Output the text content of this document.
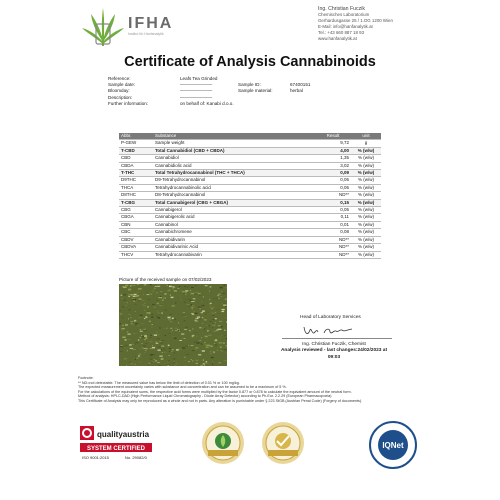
IFHA
Institut für Hanfanalytik
Ing. Christian Fuczik
Chemisches Laboratorium
Gerhardusgasse 25 / 1.OG 1200 Wien
E-Mail: info@hanfanalytik.at
Tel.: +43 660 887 18 93
www.hanfanalytik.at
Certificate of Analysis Cannabinoids
Reference:	Leafs Tea Grinded
Sample date:	———————
Bloomday:	———————
Description:	———————
Further information:	on behalf of: Kanabi d.o.o.
Sample ID:	67400151
Sample material:	herbal
Abbr.	Substance	Result	unit
P-GEW	Sample weight	9,72	g
T-CBD	Total Cannabidiol (CBD + CBDA)	4,00	% (w/w)
CBD	Cannabidiol	1,35	% (w/w)
CBDA	Cannabidiolic acid	3,02	% (w/w)
T-THC	Total Tetrahydrocannabinol (THC + THCA)	0,09	% (w/w)
D9THC	D9-Tetrahydrocannabinol	0,05	% (w/w)
THCA	Tetrahydrocannabinolic acid	0,05	% (w/w)
D8THC	D8-Tetrahydrocannabinol	ND**	% (w/w)
T-CBG	Total Cannabigerol (CBG + CBGA)	0,15	% (w/w)
CBG	Cannabigerol	0,05	% (w/w)
CBGA	Cannabigerolic acid	0,11	% (w/w)
CBN	Cannabinol	0,01	% (w/w)
CBC	Cannabichromene	0,08	% (w/w)
CBDV	Cannabidivarin	ND**	% (w/w)
CBDVA	Cannabidivarinic Acid	ND**	% (w/w)
THCV	Tetrahydrocannabivarin	ND**	% (w/w)
Picture of the received sample on 07/02/2023
Head of Laboratory Services
Ing. Christian Fuczik, Chemist
Analysis reviewed - last changes:24/02/2023 at
09:03
Footnote:
** ND=not detectable. The measured value has below the limit of detection of 0.01 % or 100 mg/kg.
The expected measurement uncertainty varies with substance and concentration and can be assumed to be a maximum of 5 %.
For the calculations of the equivalent sums, the respective acid forms were multiplied by the factor 0.877 or 0.878 to calculate the equivalent amount of the neutral form.
Method of analysis: HPLC-DAD (High Performance Liquid Chromatography - Diode Array Detector) according to Ph.Eur. 2.2.29 (European Pharmacopoeia)
This Certificate of Analysis may only be reproduced as a whole and not in parts. Any alteration is punishable under § 223 StGB (Austrian Penal Code) (Forgery of documents).
qualityaustria
SYSTEM CERTIFIED
ISO 9001:2015	No. 29082/0
IQNet
